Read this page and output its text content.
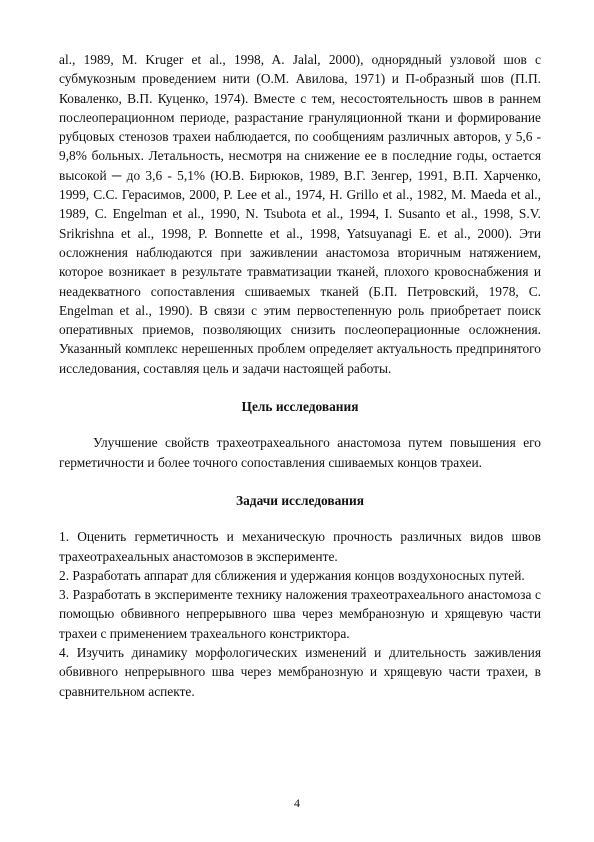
al., 1989, M. Kruger et al., 1998, A. Jalal, 2000), однорядный узловой шов с субмукозным проведением нити (О.М. Авилова, 1971) и П-образный шов (П.П. Коваленко, В.П. Куценко, 1974). Вместе с тем, несостоятельность швов в раннем послеоперационном периоде, разрастание грануляционной ткани и формирование рубцовых стенозов трахеи наблюдается, по сообщениям различных авторов, у 5,6 - 9,8% больных. Летальность, несмотря на снижение ее в последние годы, остается высокой ─ до 3,6 - 5,1% (Ю.В. Бирюков, 1989, В.Г. Зенгер, 1991, В.П. Харченко, 1999, С.С. Герасимов, 2000, P. Lee et al., 1974, H. Grillo et al., 1982, M. Maeda et al., 1989, C. Engelman et al., 1990, N. Tsubota et al., 1994, I. Susanto et al., 1998, S.V. Srikrishna et al., 1998, P. Bonnette et al., 1998, Yatsuyanagi E. et al., 2000). Эти осложнения наблюдаются при заживлении анастомоза вторичным натяжением, которое возникает в результате травматизации тканей, плохого кровоснабжения и неадекватного сопоставления сшиваемых тканей (Б.П. Петровский, 1978, C. Engelman et al., 1990). В связи с этим первостепенную роль приобретает поиск оперативных приемов, позволяющих снизить послеоперационные осложнения. Указанный комплекс нерешенных проблем определяет актуальность предпринятого исследования, составляя цель и задачи настоящей работы.

Цель исследования

Улучшение свойств трахеотрахеального анастомоза путем повышения его герметичности и более точного сопоставления сшиваемых концов трахеи.

Задачи исследования

1. Оценить герметичность и механическую прочность различных видов швов трахеотрахеальных анастомозов в эксперименте.

2. Разработать аппарат для сближения и удержания концов воздухоносных путей.

3. Разработать в эксперименте технику наложения трахеотрахеального анастомоза с помощью обвивного непрерывного шва через мембранозную и хрящевую части трахеи с применением трахеального констриктора.

4. Изучить динамику морфологических изменений и длительность заживления обвивного непрерывного шва через мембранозную и хрящевую части трахеи, в сравнительном аспекте.

4
